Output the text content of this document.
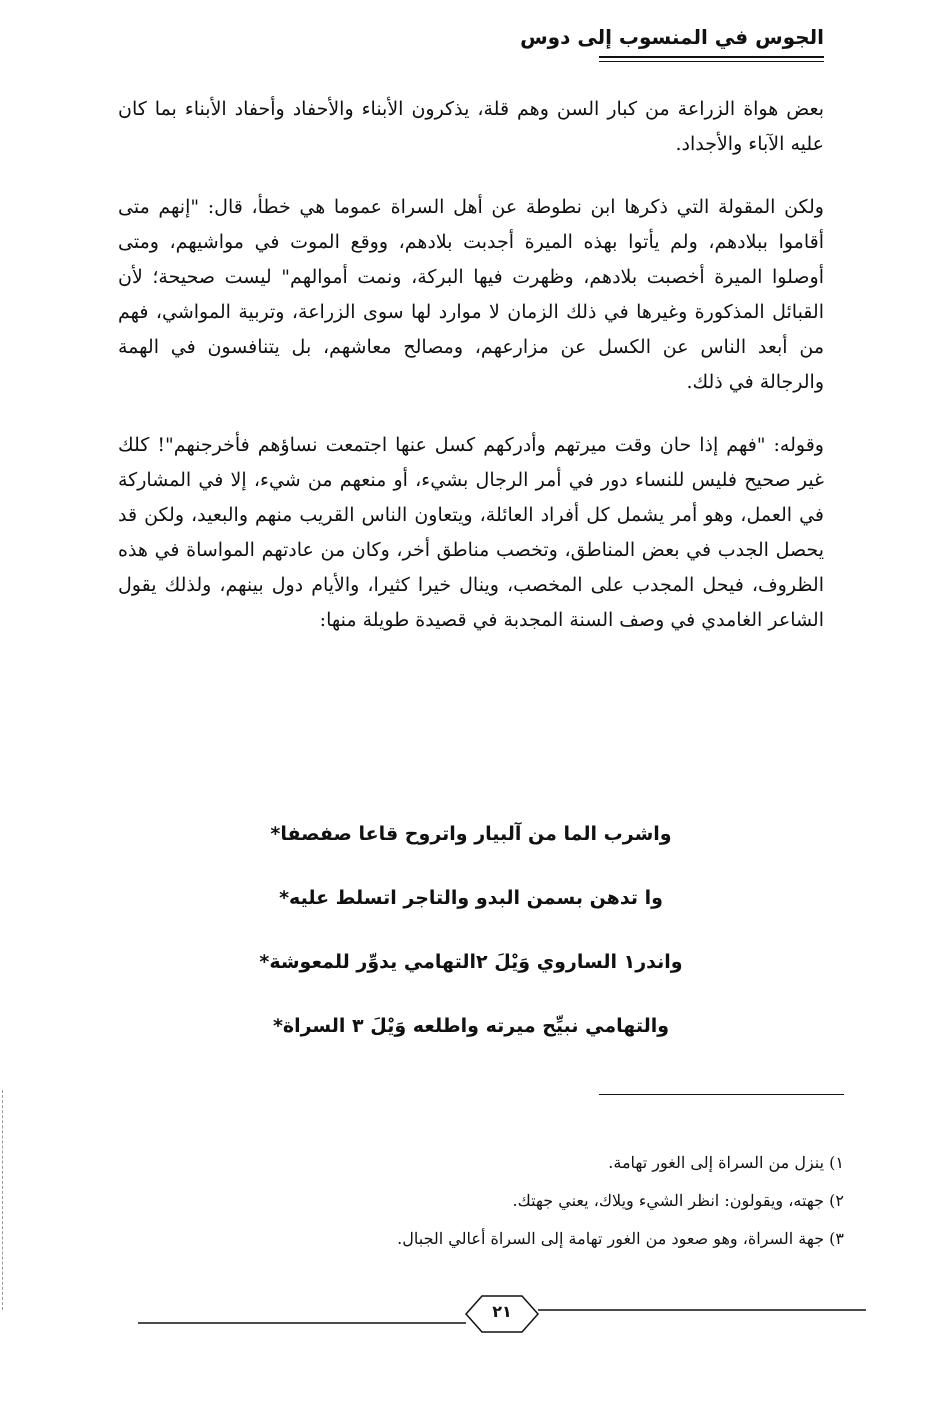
الجوس في المنسوب إلى دوس

بعض هواة الزراعة من كبار السن وهم قلة، يذكرون الأبناء والأحفاد وأحفاد الأبناء بما كان عليه الآباء والأجداد.

ولكن المقولة التي ذكرها ابن نطوطة عن أهل السراة عموما هي خطأ، قال: "إنهم متى أقاموا ببلادهم، ولم يأتوا بهذه الميرة أجدبت بلادهم، ووقع الموت في مواشيهم، ومتى أوصلوا الميرة أخصبت بلادهم، وظهرت فيها البركة، ونمت أموالهم" ليست صحيحة؛ لأن القبائل المذكورة وغيرها في ذلك الزمان لا موارد لها سوى الزراعة، وتربية المواشي، فهم من أبعد الناس عن الكسل عن مزارعهم، ومصالح معاشهم، بل يتنافسون في الهمة والرجالة في ذلك.

وقوله: "فهم إذا حان وقت ميرتهم وأدركهم كسل عنها اجتمعت نساؤهم فأخرجنهم"! كلك غير صحيح فليس للنساء دور في أمر الرجال بشيء، أو منعهم من شيء، إلا في المشاركة في العمل، وهو أمر يشمل كل أفراد العائلة، ويتعاون الناس القريب منهم والبعيد، ولكن قد يحصل الجدب في بعض المناطق، وتخصب مناطق أخر، وكان من عادتهم المواساة في هذه الظروف، فيحل المجدب على المخصب، وينال خيرا كثيرا، والأيام دول بينهم، ولذلك يقول الشاعر الغامدي في وصف السنة المجدبة في قصيدة طويلة منها:

واشرب الما من آلبيار واتروح قاعا صفصفا*
وا تدهن بسمن البدو والتاجر اتسلط عليه*
واندر١ الساروي وَيْلَ ٢التهامي يدوِّر للمعوشة*
والتهامي نبيِّح ميرته واطلعه وَيْلَ ٣ السراة*
١) ينزل من السراة إلى الغور تهامة.
٢) جهته، ويقولون: انظر الشيء ويلاك، يعني جهتك.
٣) جهة السراة، وهو صعود من الغور تهامة إلى السراة أعالي الجبال.
٢١
